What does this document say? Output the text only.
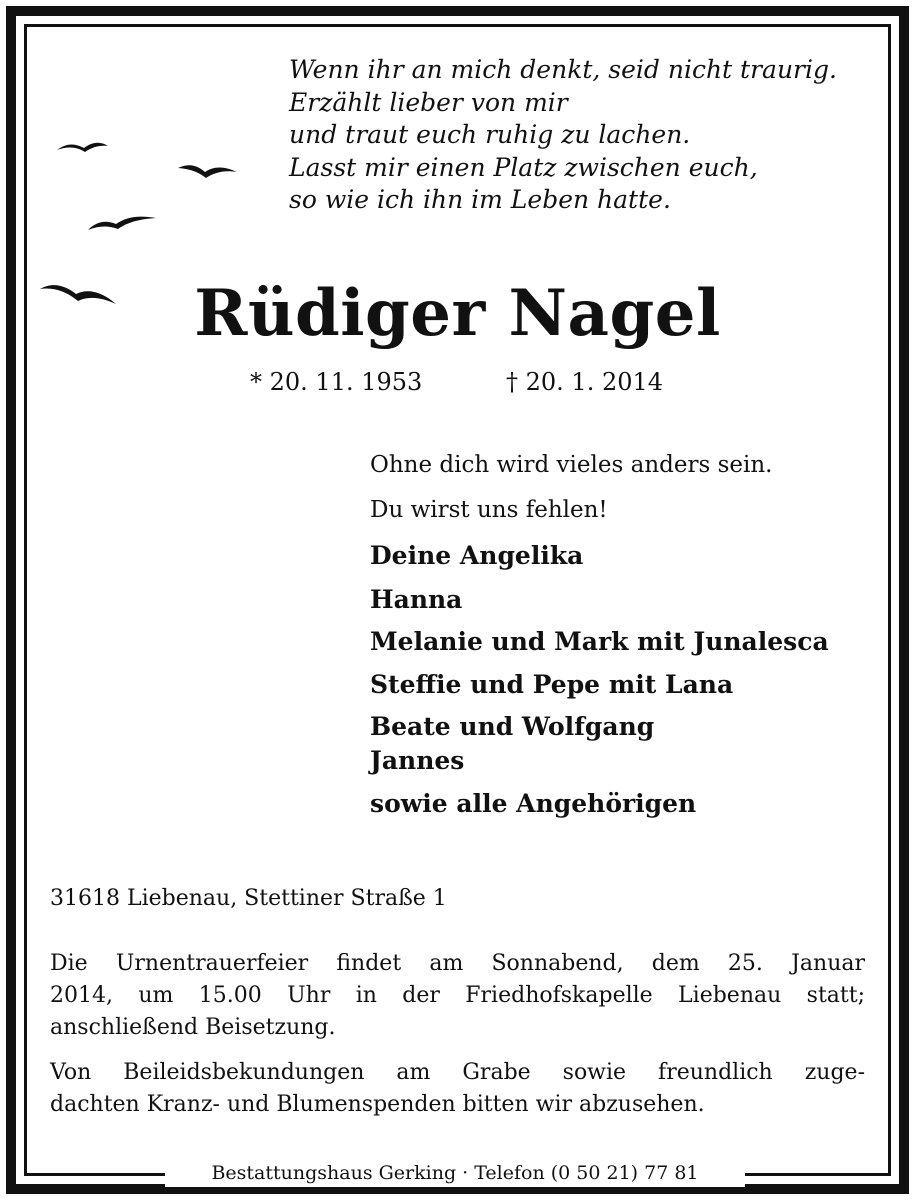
Wenn ihr an mich denkt, seid nicht traurig.
Erzählt lieber von mir
und traut euch ruhig zu lachen.
Lasst mir einen Platz zwischen euch,
so wie ich ihn im Leben hatte.
Rüdiger Nagel
* 20. 11. 1953	† 20. 1. 2014
Ohne dich wird vieles anders sein.
Du wirst uns fehlen!
Deine Angelika
Hanna
Melanie und Mark mit Junalesca
Steffie und Pepe mit Lana
Beate und Wolfgang
Jannes
sowie alle Angehörigen
31618 Liebenau, Stettiner Straße 1
Die Urnentrauerfeier findet am Sonnabend, dem 25. Januar
2014, um 15.00 Uhr in der Friedhofskapelle Liebenau statt;
anschließend Beisetzung.
Von Beileidsbekundungen am Grabe sowie freundlich zuge-
dachten Kranz- und Blumenspenden bitten wir abzusehen.
Bestattungshaus Gerking · Telefon (0 50 21) 77 81
